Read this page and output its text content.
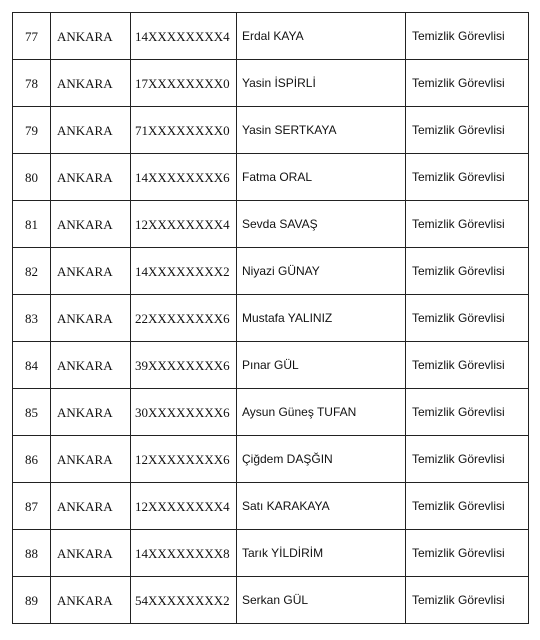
77	ANKARA	14XXXXXXXX4	Erdal KAYA	Temizlik Görevlisi
78	ANKARA	17XXXXXXXX0	Yasin İSPİRLİ	Temizlik Görevlisi
79	ANKARA	71XXXXXXXX0	Yasin SERTKAYA	Temizlik Görevlisi
80	ANKARA	14XXXXXXXX6	Fatma ORAL	Temizlik Görevlisi
81	ANKARA	12XXXXXXXX4	Sevda SAVAŞ	Temizlik Görevlisi
82	ANKARA	14XXXXXXXX2	Niyazi GÜNAY	Temizlik Görevlisi
83	ANKARA	22XXXXXXXX6	Mustafa YALINIZ	Temizlik Görevlisi
84	ANKARA	39XXXXXXXX6	Pınar GÜL	Temizlik Görevlisi
85	ANKARA	30XXXXXXXX6	Aysun Güneş TUFAN	Temizlik Görevlisi
86	ANKARA	12XXXXXXXX6	Çiğdem DAŞĞIN	Temizlik Görevlisi
87	ANKARA	12XXXXXXXX4	Satı KARAKAYA	Temizlik Görevlisi
88	ANKARA	14XXXXXXXX8	Tarık YİLDİRİM	Temizlik Görevlisi
89	ANKARA	54XXXXXXXX2	Serkan GÜL	Temizlik Görevlisi
